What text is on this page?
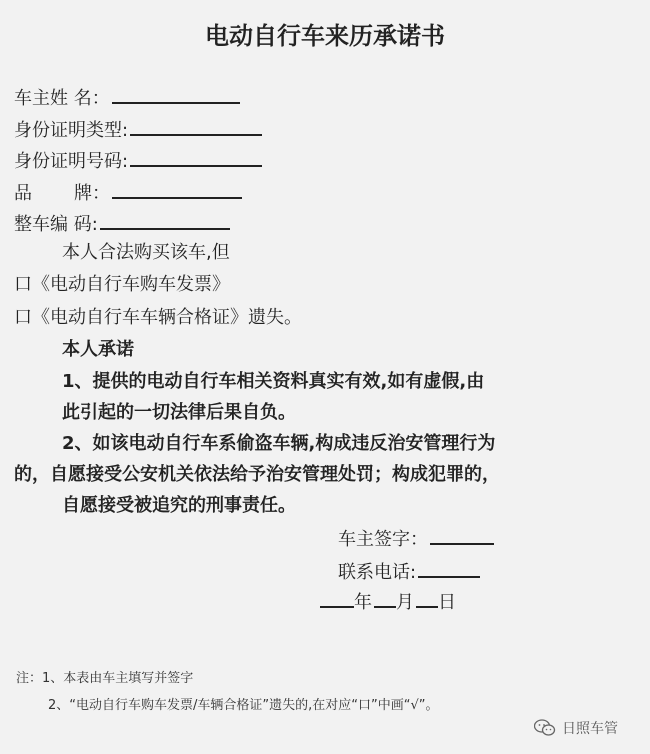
电动自行车来历承诺书
车主姓 名：
身份证明类型:
身份证明号码:
品 牌：
整车编 码:
本人合法购买该车,但
口《电动自行车购车发票》
口《电动自行车车辆合格证》遗失。
本人承诺
1、提供的电动自行车相关资料真实有效,如有虚假,由
此引起的一切法律后果自负。
2、如该电动自行车系偷盗车辆,构成违反治安管理行为
的，自愿接受公安机关依法给予治安管理处罚；构成犯罪的，
自愿接受被追究的刑事责任。
车主签字：
联系电话:
年 月 日
注：1、本表由车主填写并签字
2、“电动自行车购车发票/车辆合格证”遗失的,在对应“口”中画“√”。
日照车管
